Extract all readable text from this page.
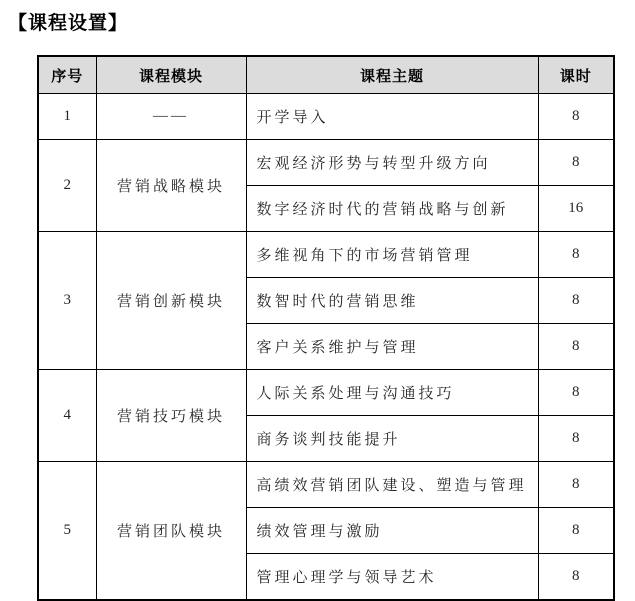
【课程设置】
序号	课程模块	课程主题	课时
1	——	开学导入	8
2	营销战略模块	宏观经济形势与转型升级方向	8
		数字经济时代的营销战略与创新	16
3	营销创新模块	多维视角下的市场营销管理	8
		数智时代的营销思维	8
		客户关系维护与管理	8
4	营销技巧模块	人际关系处理与沟通技巧	8
		商务谈判技能提升	8
5	营销团队模块	高绩效营销团队建设、塑造与管理	8
		绩效管理与激励	8
		管理心理学与领导艺术	8
